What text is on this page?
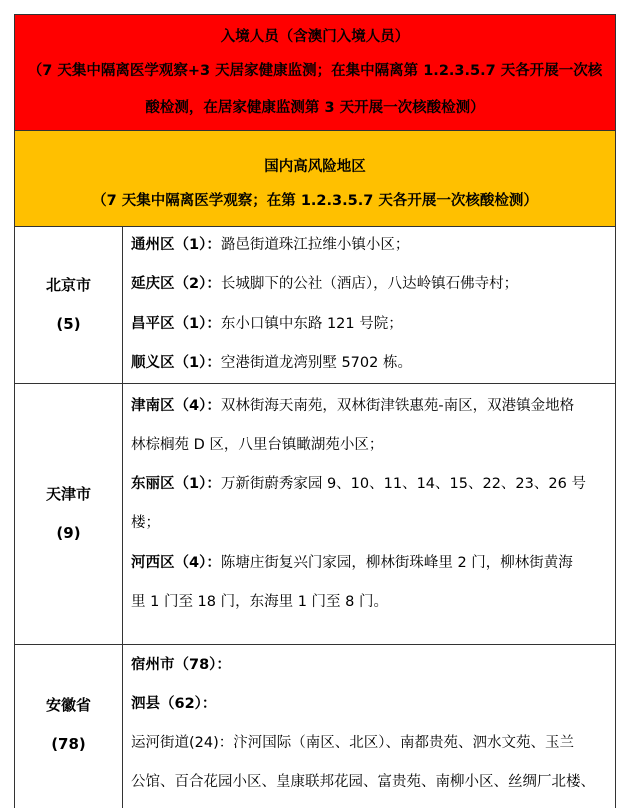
入境人员（含澳门入境人员）
（7 天集中隔离医学观察+3 天居家健康监测；在集中隔离第 1.2.3.5.7 天各开展一次核
酸检测，在居家健康监测第 3 天开展一次核酸检测）
国内高风险地区
（7 天集中隔离医学观察；在第 1.2.3.5.7 天各开展一次核酸检测）
北京市
(5)
通州区（1）：潞邑街道珠江拉维小镇小区；
延庆区（2）：长城脚下的公社（酒店），八达岭镇石佛寺村；
昌平区（1）：东小口镇中东路 121 号院；
顺义区（1）：空港街道龙湾别墅 5702 栋。
天津市
(9)
津南区（4）：双林街海天南苑，双林街津铁惠苑-南区，双港镇金地格
林棕榈苑 D 区，八里台镇瞰湖苑小区；
东丽区（1）：万新街蔚秀家园 9、10、11、14、15、22、23、26 号
楼；
河西区（4）：陈塘庄街复兴门家园，柳林街珠峰里 2 门，柳林街黄海
里 1 门至 18 门，东海里 1 门至 8 门。
安徽省
(78)
宿州市（78）：
泗县（62）：
运河街道(24)：汴河国际（南区、北区）、南都贵苑、泗水文苑、玉兰
公馆、百合花园小区、皇康联邦花园、富贵苑、南柳小区、丝绸厂北楼、
